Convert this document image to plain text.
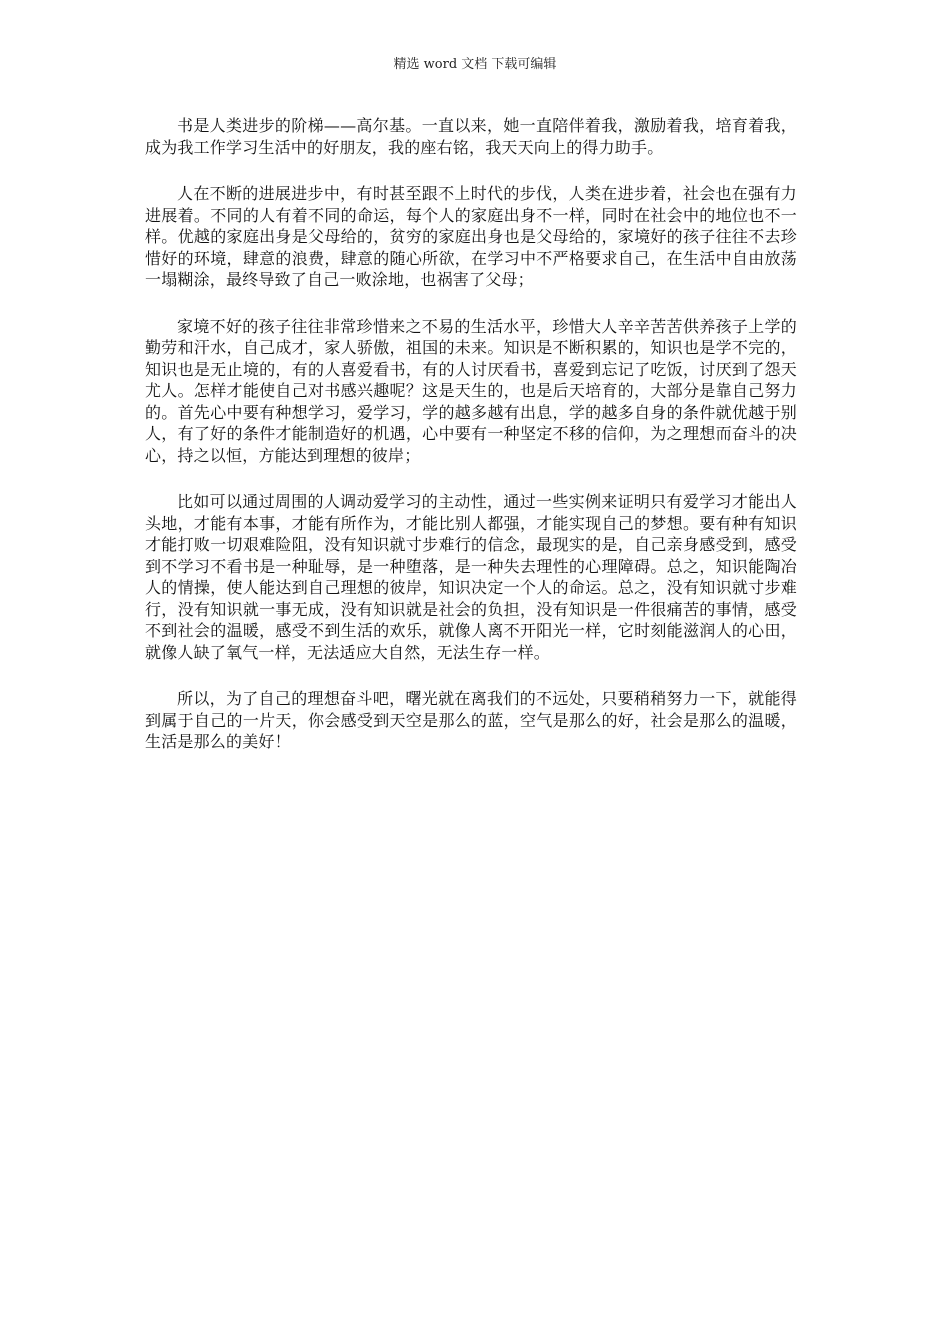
精选 word 文档 下载可编辑

书是人类进步的阶梯——高尔基。一直以来，她一直陪伴着我，激励着我，培育着我，成为我工作学习生活中的好朋友，我的座右铭，我天天向上的得力助手。

人在不断的进展进步中，有时甚至跟不上时代的步伐，人类在进步着，社会也在强有力进展着。不同的人有着不同的命运，每个人的家庭出身不一样，同时在社会中的地位也不一样。优越的家庭出身是父母给的，贫穷的家庭出身也是父母给的，家境好的孩子往往不去珍惜好的环境，肆意的浪费，肆意的随心所欲，在学习中不严格要求自己，在生活中自由放荡一塌糊涂，最终导致了自己一败涂地，也祸害了父母；

家境不好的孩子往往非常珍惜来之不易的生活水平，珍惜大人辛辛苦苦供养孩子上学的勤劳和汗水，自己成才，家人骄傲，祖国的未来。知识是不断积累的，知识也是学不完的，知识也是无止境的，有的人喜爱看书，有的人讨厌看书，喜爱到忘记了吃饭，讨厌到了怨天尤人。怎样才能使自己对书感兴趣呢？这是天生的，也是后天培育的，大部分是靠自己努力的。首先心中要有种想学习，爱学习，学的越多越有出息，学的越多自身的条件就优越于别人，有了好的条件才能制造好的机遇，心中要有一种坚定不移的信仰，为之理想而奋斗的决心，持之以恒，方能达到理想的彼岸；

比如可以通过周围的人调动爱学习的主动性，通过一些实例来证明只有爱学习才能出人头地，才能有本事，才能有所作为，才能比别人都强，才能实现自己的梦想。要有种有知识才能打败一切艰难险阻，没有知识就寸步难行的信念，最现实的是，自己亲身感受到，感受到不学习不看书是一种耻辱，是一种堕落，是一种失去理性的心理障碍。总之，知识能陶冶人的情操，使人能达到自己理想的彼岸，知识决定一个人的命运。总之，没有知识就寸步难行，没有知识就一事无成，没有知识就是社会的负担，没有知识是一件很痛苦的事情，感受不到社会的温暖，感受不到生活的欢乐，就像人离不开阳光一样，它时刻能滋润人的心田，就像人缺了氧气一样，无法适应大自然，无法生存一样。

所以，为了自己的理想奋斗吧，曙光就在离我们的不远处，只要稍稍努力一下，就能得到属于自己的一片天，你会感受到天空是那么的蓝，空气是那么的好，社会是那么的温暖，生活是那么的美好！
